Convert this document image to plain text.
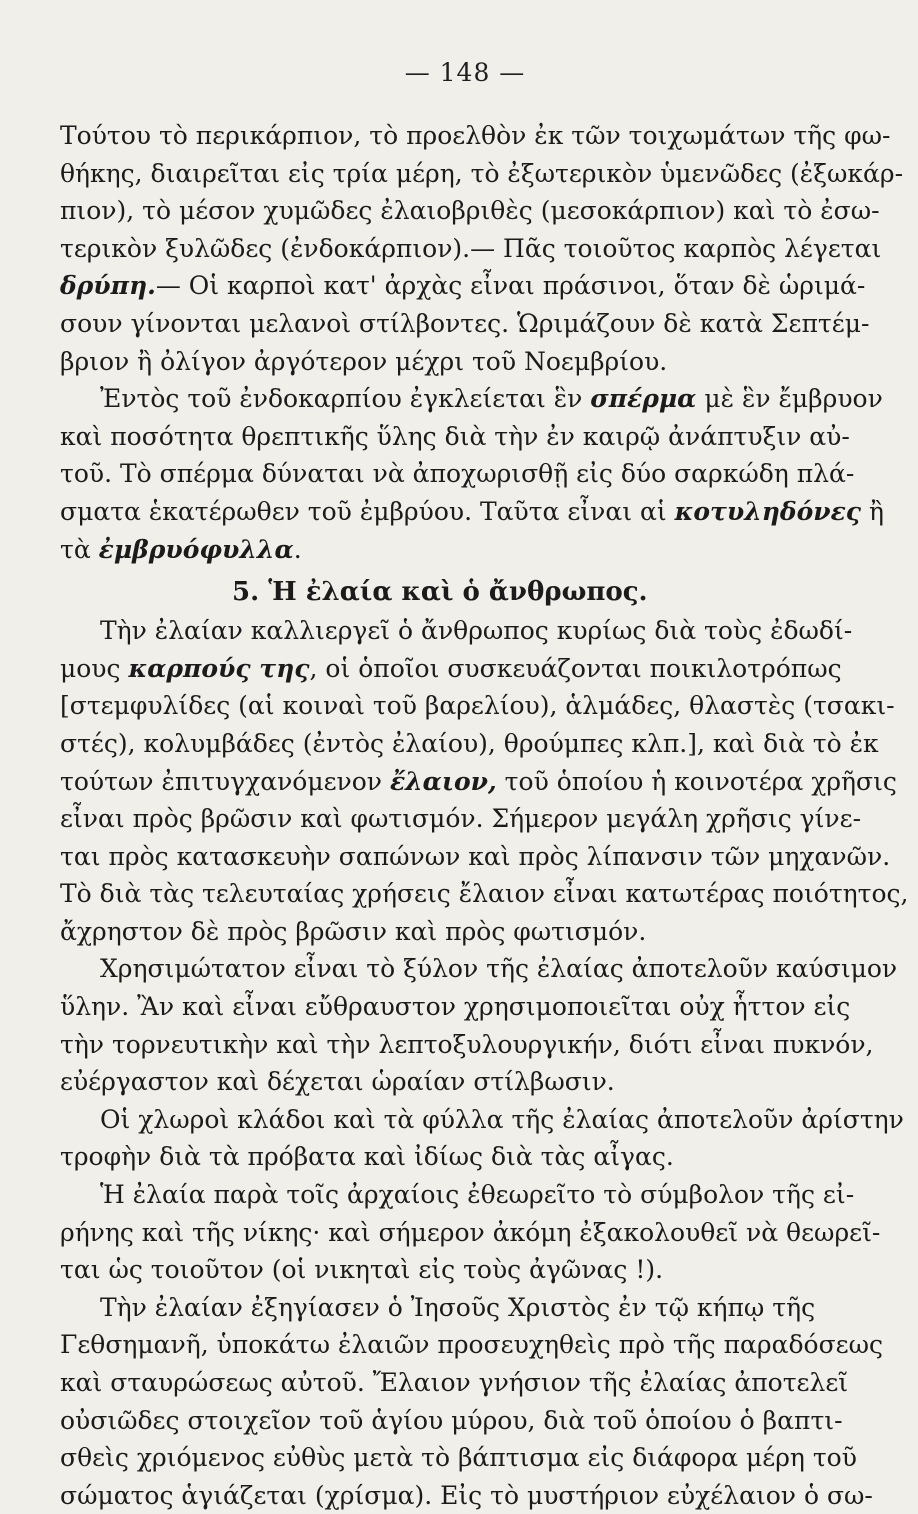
— 148 —

Τούτου τὸ περικάρπιον, τὸ προελθὸν ἐκ τῶν τοιχωμάτων τῆς φω-
θήκης, διαιρεῖται εἰς τρία μέρη, τὸ ἐξωτερικὸν ὑμενῶδες (ἐξωκάρ-
πιον), τὸ μέσον χυμῶδες ἐλαιοβριθὲς (μεσοκάρπιον) καὶ τὸ ἐσω-
τερικὸν ξυλῶδες (ἐνδοκάρπιον).— Πᾶς τοιοῦτος καρπὸς λέγεται
δρύπη.— Οἱ καρποὶ κατ' ἀρχὰς εἶναι πράσινοι, ὅταν δὲ ὡριμά-
σουν γίνονται μελανοὶ στίλβοντες. Ὡριμάζουν δὲ κατὰ Σεπτέμ-
βριον ἢ ὀλίγον ἀργότερον μέχρι τοῦ Νοεμβρίου.

Ἐντὸς τοῦ ἐνδοκαρπίου ἐγκλείεται ἓν σπέρμα μὲ ἓν ἔμβρυον
καὶ ποσότητα θρεπτικῆς ὕλης διὰ τὴν ἐν καιρῷ ἀνάπτυξιν αὐ-
τοῦ. Τὸ σπέρμα δύναται νὰ ἀποχωρισθῇ εἰς δύο σαρκώδη πλά-
σματα ἑκατέρωθεν τοῦ ἐμβρύου. Ταῦτα εἶναι αἱ κοτυληδόνες ἢ
τὰ ἐμβρυόφυλλα.

5. Ἡ ἐλαία καὶ ὁ ἄνθρωπος.

Τὴν ἐλαίαν καλλιεργεῖ ὁ ἄνθρωπος κυρίως διὰ τοὺς ἐδωδί-
μους καρπούς της, οἱ ὁποῖοι συσκευάζονται ποικιλοτρόπως
[στεμφυλίδες (αἱ κοιναὶ τοῦ βαρελίου), ἁλμάδες, θλαστὲς (τσακι-
στές), κολυμβάδες (ἐντὸς ἐλαίου), θρούμπες κλπ.], καὶ διὰ τὸ ἐκ
τούτων ἐπιτυγχανόμενον ἔλαιον, τοῦ ὁποίου ἡ κοινοτέρα χρῆσις
εἶναι πρὸς βρῶσιν καὶ φωτισμόν. Σήμερον μεγάλη χρῆσις γίνε-
ται πρὸς κατασκευὴν σαπώνων καὶ πρὸς λίπανσιν τῶν μηχανῶν.
Τὸ διὰ τὰς τελευταίας χρήσεις ἔλαιον εἶναι κατωτέρας ποιότητος,
ἄχρηστον δὲ πρὸς βρῶσιν καὶ πρὸς φωτισμόν.

Χρησιμώτατον εἶναι τὸ ξύλον τῆς ἐλαίας ἀποτελοῦν καύσιμον
ὕλην. Ἂν καὶ εἶναι εὔθραυστον χρησιμοποιεῖται οὐχ ἧττον εἰς
τὴν τορνευτικὴν καὶ τὴν λεπτοξυλουργικήν, διότι εἶναι πυκνόν,
εὐέργαστον καὶ δέχεται ὡραίαν στίλβωσιν.

Οἱ χλωροὶ κλάδοι καὶ τὰ φύλλα τῆς ἐλαίας ἀποτελοῦν ἀρίστην
τροφὴν διὰ τὰ πρόβατα καὶ ἰδίως διὰ τὰς αἶγας.

Ἡ ἐλαία παρὰ τοῖς ἀρχαίοις ἐθεωρεῖτο τὸ σύμβολον τῆς εἰ-
ρήνης καὶ τῆς νίκης· καὶ σήμερον ἀκόμη ἐξακολουθεῖ νὰ θεωρεῖ-
ται ὡς τοιοῦτον (οἱ νικηταὶ εἰς τοὺς ἀγῶνας !).

Τὴν ἐλαίαν ἐξηγίασεν ὁ Ἰησοῦς Χριστὸς ἐν τῷ κήπῳ τῆς
Γεθσημανῆ, ὑποκάτω ἐλαιῶν προσευχηθεὶς πρὸ τῆς παραδόσεως
καὶ σταυρώσεως αὐτοῦ. Ἔλαιον γνήσιον τῆς ἐλαίας ἀποτελεῖ
οὐσιῶδες στοιχεῖον τοῦ ἁγίου μύρου, διὰ τοῦ ὁποίου ὁ βαπτι-
σθεὶς χριόμενος εὐθὺς μετὰ τὸ βάπτισμα εἰς διάφορα μέρη τοῦ
σώματος ἁγιάζεται (χρίσμα). Εἰς τὸ μυστήριον εὐχέλαιον ὁ σω-
